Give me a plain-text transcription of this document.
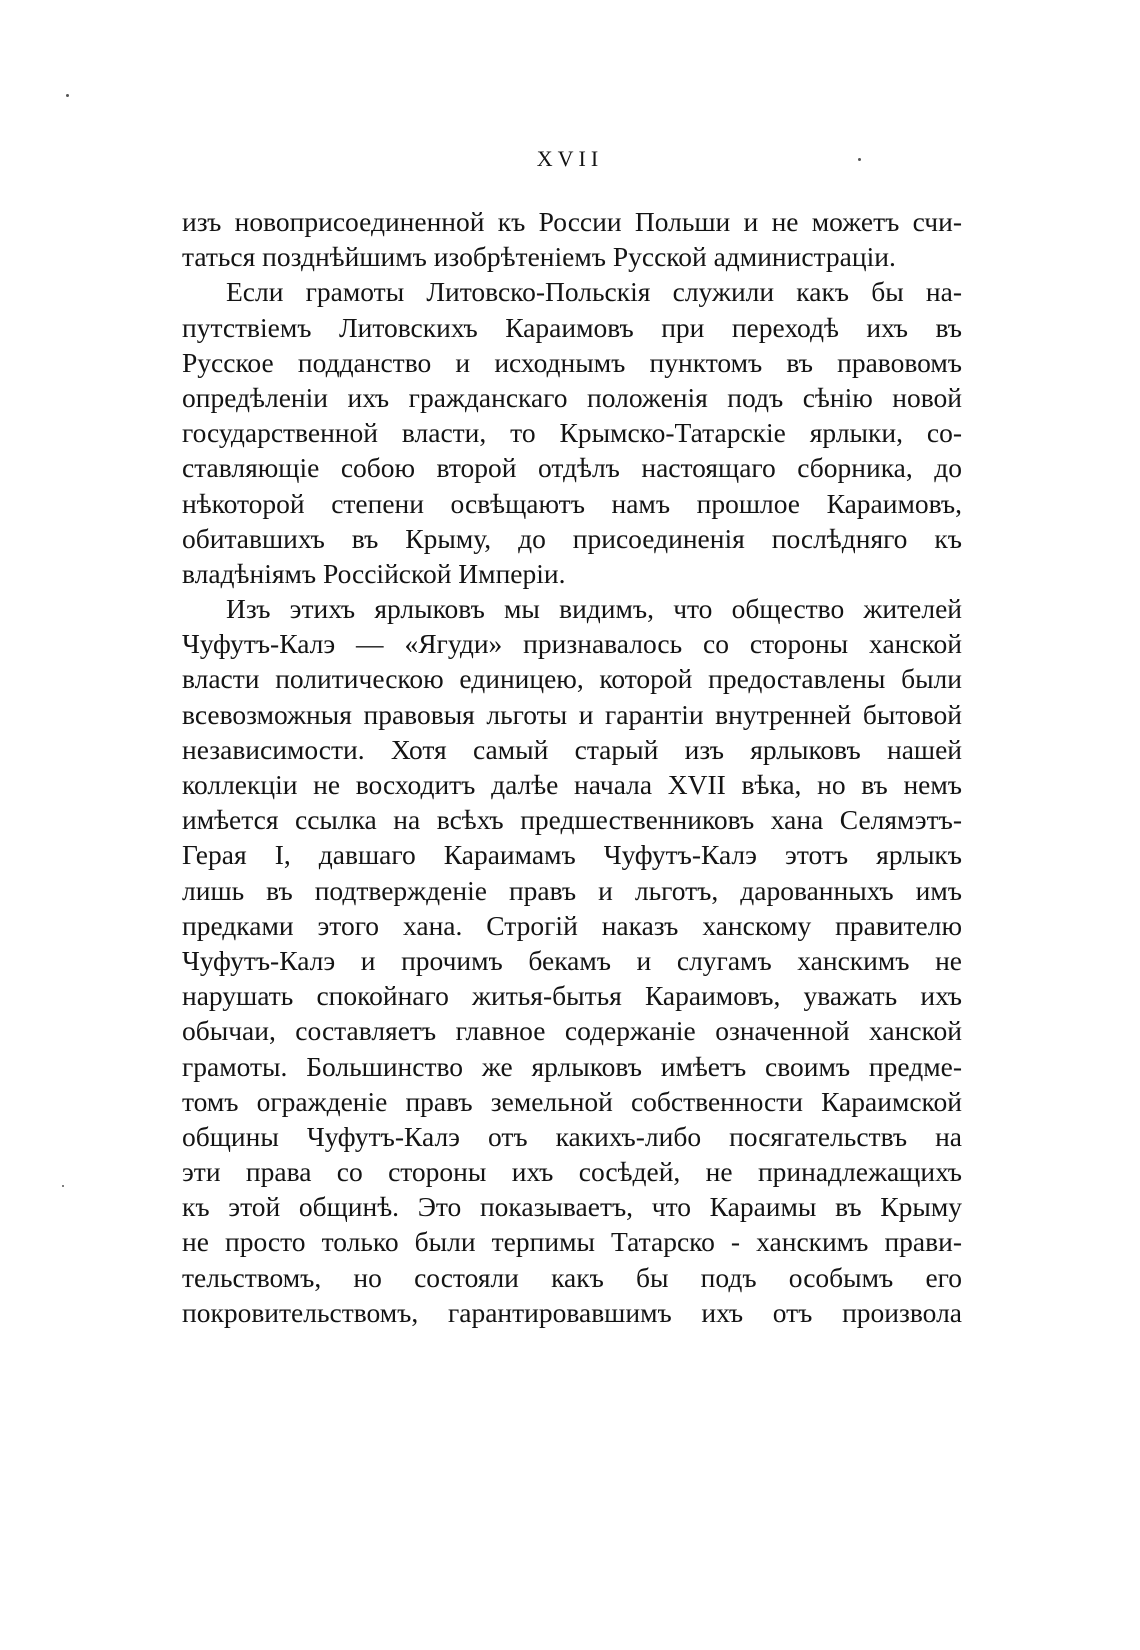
XVII
изъ новоприсоединенной къ России Польши и не можетъ счи-
таться позднѣйшимъ изобрѣтеніемъ Русской администраціи.
Если грамоты Литовско-Польскія служили какъ бы на-
путствіемъ Литовскихъ Караимовъ при переходѣ ихъ въ
Русское подданство и исходнымъ пунктомъ въ правовомъ
опредѣленіи ихъ гражданскаго положенія подъ сѣнію новой
государственной власти, то Крымско-Татарскіе ярлыки, со-
ставляющіе собою второй отдѣлъ настоящаго сборника, до
нѣкоторой степени освѣщаютъ намъ прошлое Караимовъ,
обитавшихъ въ Крыму, до присоединенія послѣдняго къ
владѣніямъ Россійской Имперіи.
Изъ этихъ ярлыковъ мы видимъ, что общество жителей
Чуфутъ-Калэ — «Ягуди» признавалось со стороны ханской
власти политическою единицею, которой предоставлены были
всевозможныя правовыя льготы и гарантіи внутренней бытовой
независимости. Хотя самый старый изъ ярлыковъ нашей
коллекціи не восходитъ далѣе начала XVII вѣка, но въ немъ
имѣется ссылка на всѣхъ предшественниковъ хана Селямэтъ-
Герая I, давшаго Караимамъ Чуфутъ-Калэ этотъ ярлыкъ
лишь въ подтвержденіе правъ и льготъ, дарованныхъ имъ
предками этого хана. Строгій наказъ ханскому правителю
Чуфутъ-Калэ и прочимъ бекамъ и слугамъ ханскимъ не
нарушать спокойнаго житья-бытья Караимовъ, уважать ихъ
обычаи, составляетъ главное содержаніе означенной ханской
грамоты. Большинство же ярлыковъ имѣетъ своимъ предме-
томъ огражденіе правъ земельной собственности Караимской
общины Чуфутъ-Калэ отъ какихъ-либо посягательствъ на
эти права со стороны ихъ сосѣдей, не принадлежащихъ
къ этой общинѣ. Это показываетъ, что Караимы въ Крыму
не просто только были терпимы Татарско - ханскимъ прави-
тельствомъ, но состояли какъ бы подъ особымъ его
покровительствомъ, гарантировавшимъ ихъ отъ произвола
